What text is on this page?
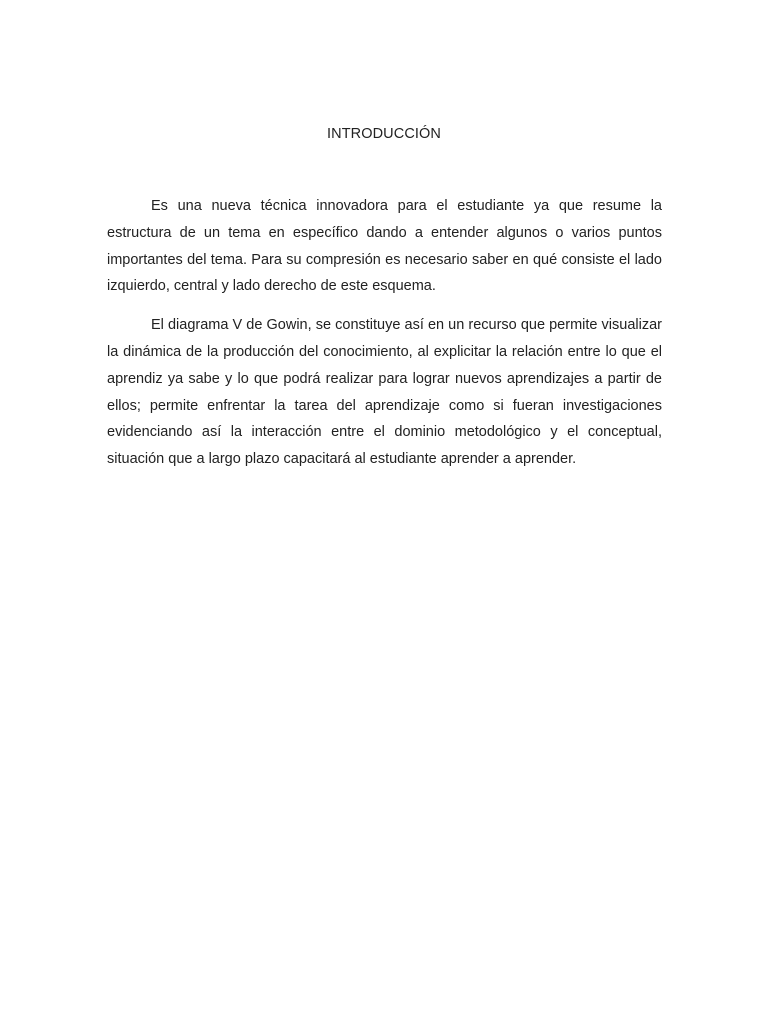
INTRODUCCIÓN

Es una nueva técnica innovadora para el estudiante ya que resume la estructura de un tema en específico dando a entender algunos o varios puntos importantes del tema. Para su compresión es necesario saber en qué consiste el lado izquierdo, central y lado derecho de este esquema.

El diagrama V de Gowin, se constituye así en un recurso que permite visualizar la dinámica de la producción del conocimiento, al explicitar la relación entre lo que el aprendiz ya sabe y lo que podrá realizar para lograr nuevos aprendizajes a partir de ellos; permite enfrentar la tarea del aprendizaje como si fueran investigaciones evidenciando así la interacción entre el dominio metodológico y el conceptual, situación que a largo plazo capacitará al estudiante aprender a aprender.
